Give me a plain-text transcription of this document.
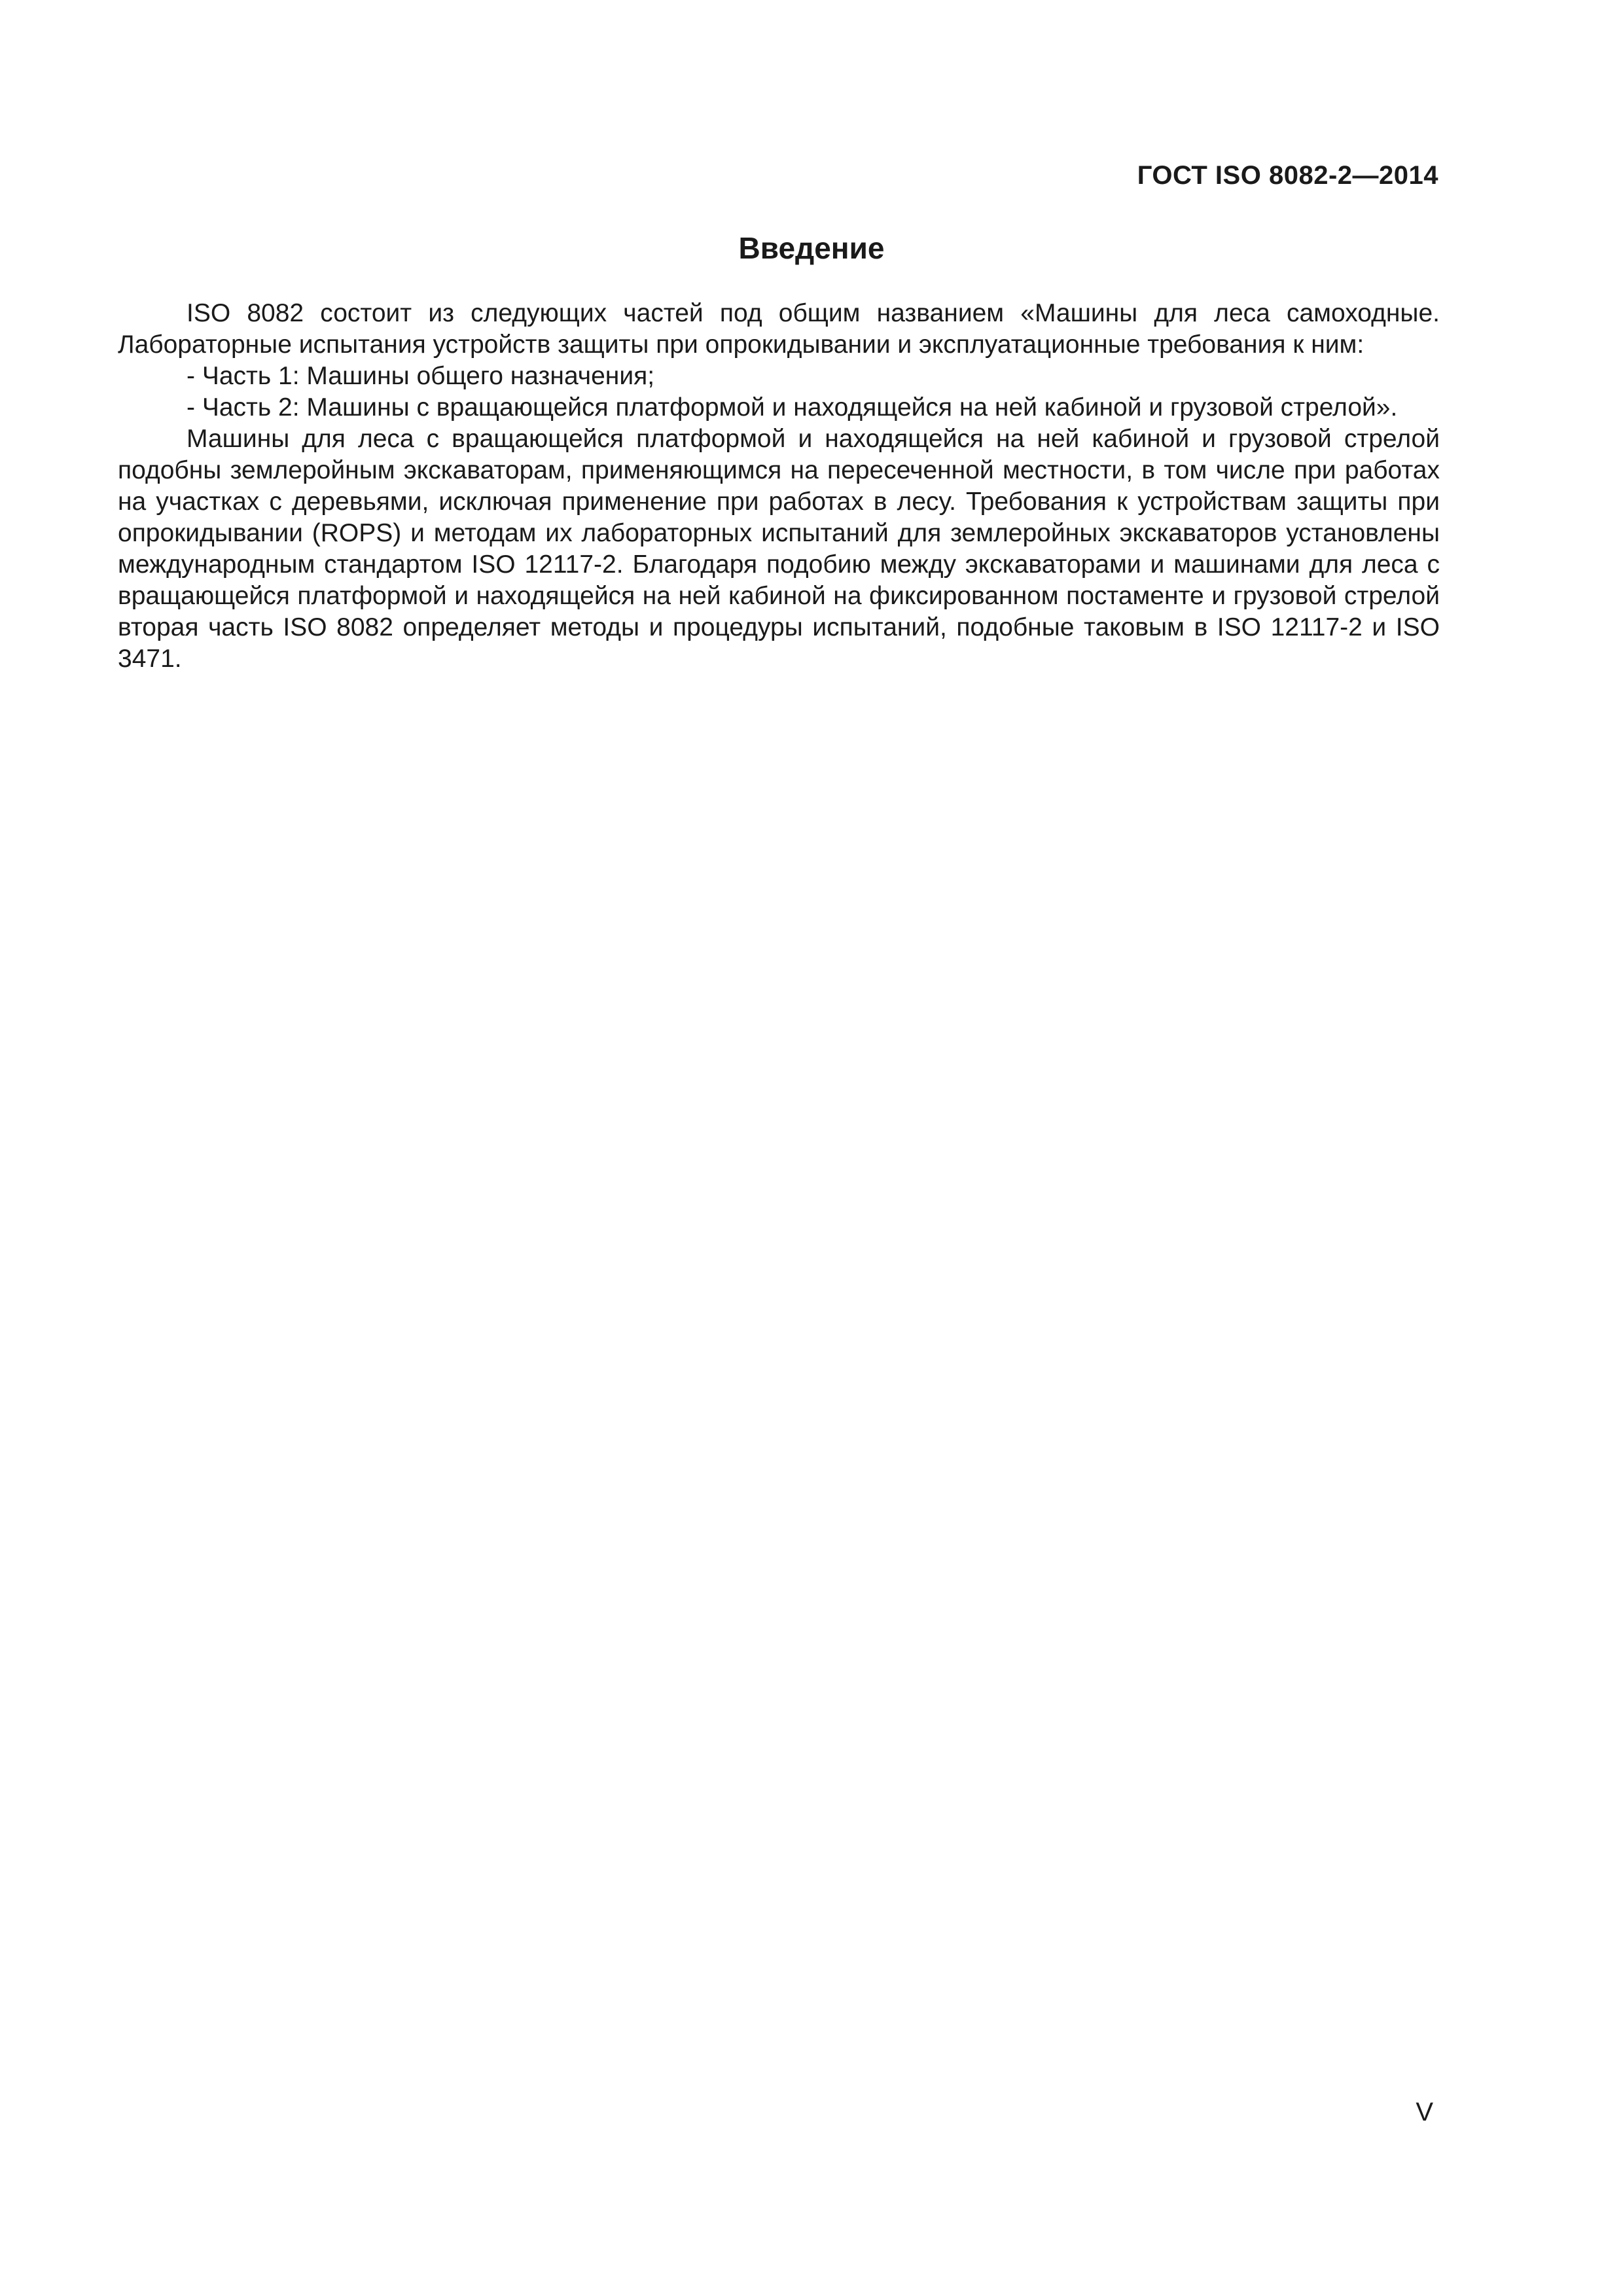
ГОСТ ISO 8082-2—2014
Введение

ISO 8082 состоит из следующих частей под общим названием «Машины для леса самоходные. Лабораторные испытания устройств защиты при опрокидывании и эксплуатационные требования к ним:

- Часть 1: Машины общего назначения;

- Часть 2: Машины с вращающейся платформой и находящейся на ней кабиной и грузовой стрелой».

Машины для леса с вращающейся платформой и находящейся на ней кабиной и грузовой стрелой подобны землеройным экскаваторам, применяющимся на пересеченной местности, в том числе при работах на участках с деревьями, исключая применение при работах в лесу. Требования к устройствам защиты при опрокидывании (ROPS) и методам их лабораторных испытаний для землеройных экскаваторов установлены международным стандартом ISO 12117-2. Благодаря подобию между экскаваторами и машинами для леса с вращающейся платформой и находящейся на ней кабиной на фиксированном постаменте и грузовой стрелой вторая часть ISO 8082 определяет методы и процедуры испытаний, подобные таковым в ISO 12117-2 и ISO 3471.

V
